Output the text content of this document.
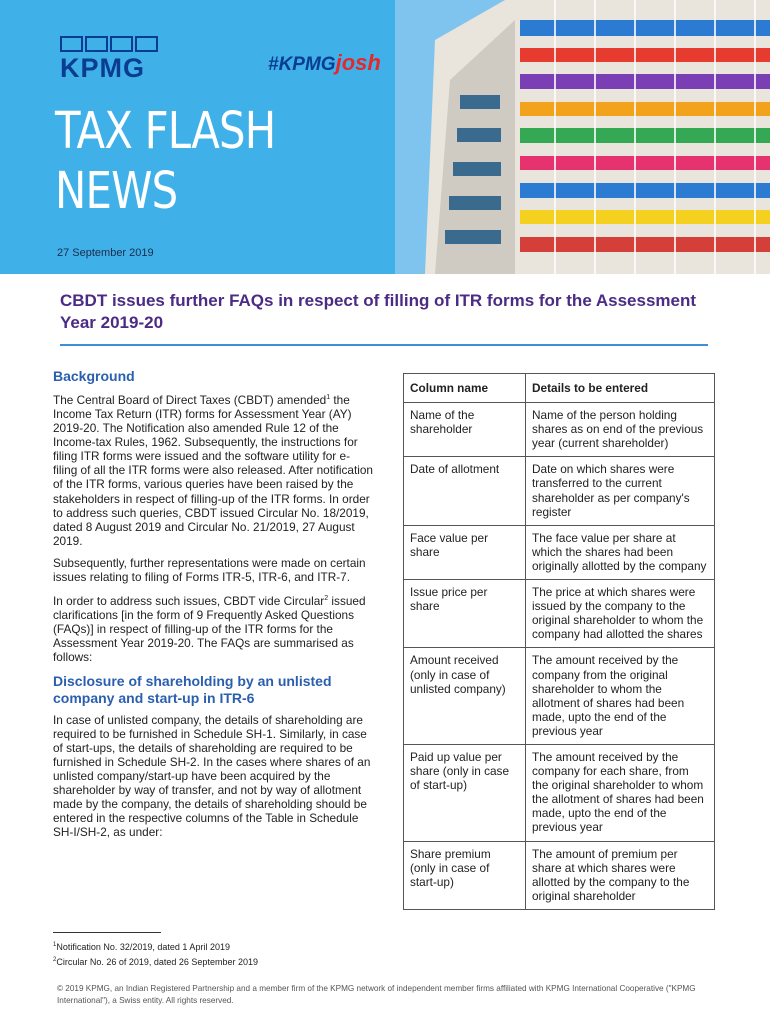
KPMG	#KPMGjosh
TAX FLASH
NEWS
27 September 2019
CBDT issues further FAQs in respect of filling of ITR forms for the Assessment Year 2019-20
Background

The Central Board of Direct Taxes (CBDT) amended$^1$ the Income Tax Return (ITR) forms for Assessment Year (AY) 2019-20. The Notification also amended Rule 12 of the Income-tax Rules, 1962. Subsequently, the instructions for filing ITR forms were issued and the software utility for e-filing of all the ITR forms were also released. After notification of the ITR forms, various queries have been raised by the stakeholders in respect of filling-up of the ITR forms. In order to address such queries, CBDT issued Circular No. 18/2019, dated 8 August 2019 and Circular No. 21/2019, 27 August 2019.

Subsequently, further representations were made on certain issues relating to filing of Forms ITR-5, ITR-6, and ITR-7.

In order to address such issues, CBDT vide Circular$^2$ issued clarifications [in the form of 9 Frequently Asked Questions (FAQs)] in respect of filling-up of the ITR forms for the Assessment Year 2019-20. The FAQs are summarised as follows:

Disclosure of shareholding by an unlisted company and start-up in ITR-6

In case of unlisted company, the details of shareholding are required to be furnished in Schedule SH-1. Similarly, in case of start-ups, the details of shareholding are required to be furnished in Schedule SH-2. In the cases where shares of an unlisted company/start-up have been acquired by the shareholder by way of transfer, and not by way of allotment made by the company, the details of shareholding should be entered in the respective columns of the Table in Schedule SH-I/SH-2, as under:

$^1$Notification No. 32/2019, dated 1 April 2019
$^2$Circular No. 26 of 2019, dated 26 September 2019
Column name	Details to be entered
Name of the shareholder	Name of the person holding shares as on end of the previous year (current shareholder)
Date of allotment	Date on which shares were transferred to the current shareholder as per company's register
Face value per share	The face value per share at which the shares had been originally allotted by the company
Issue price per share	The price at which shares were issued by the company to the original shareholder to whom the company had allotted the shares
Amount received (only in case of unlisted company)	The amount received by the company from the original shareholder to whom the allotment of shares had been made, upto the end of the previous year
Paid up value per share (only in case of start-up)	The amount received by the company for each share, from the original shareholder to whom the allotment of shares had been made, upto the end of the previous year
Share premium (only in case of start-up)	The amount of premium per share at which shares were allotted by the company to the original shareholder
© 2019 KPMG, an Indian Registered Partnership and a member firm of the KPMG network of independent member firms affiliated with KPMG International Cooperative ("KPMG International"), a Swiss entity. All rights reserved.
